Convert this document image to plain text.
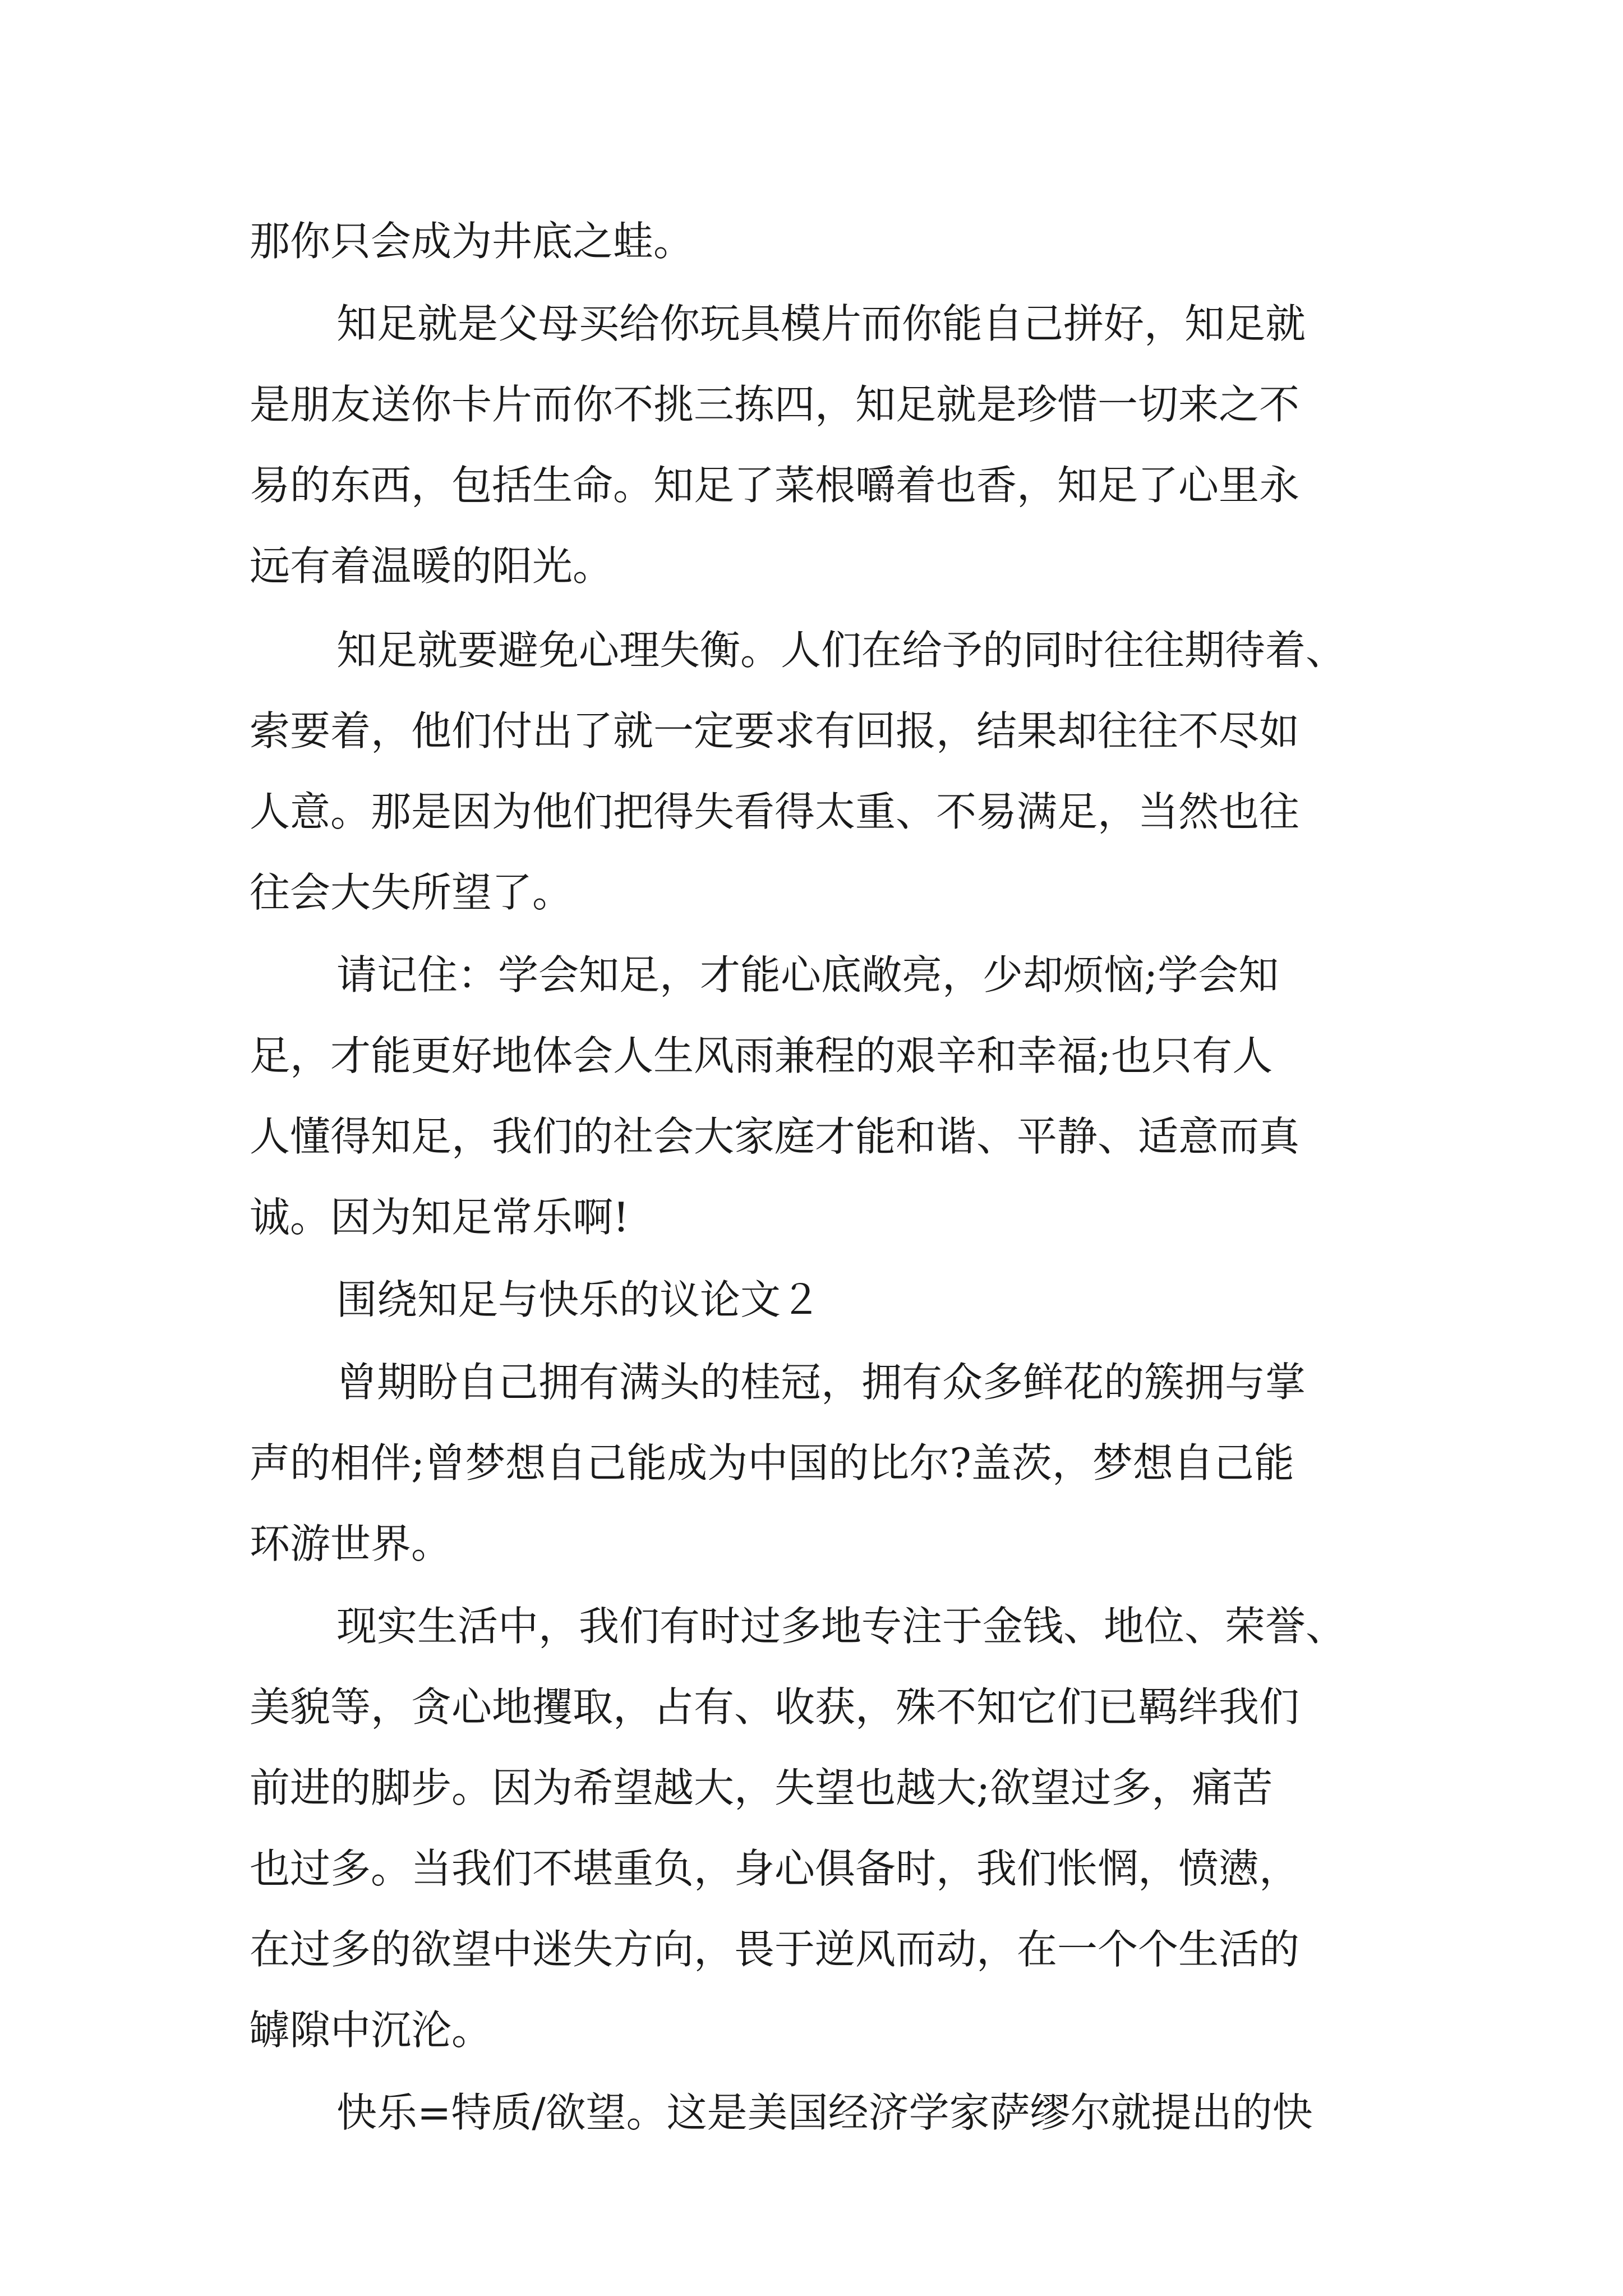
那你只会成为井底之蛙。
知足就是父母买给你玩具模片而你能自己拼好，知足就
是朋友送你卡片而你不挑三拣四，知足就是珍惜一切来之不
易的东西，包括生命。知足了菜根嚼着也香，知足了心里永
远有着温暖的阳光。
知足就要避免心理失衡。人们在给予的同时往往期待着、
索要着，他们付出了就一定要求有回报，结果却往往不尽如
人意。那是因为他们把得失看得太重、不易满足，当然也往
往会大失所望了。
请记住：学会知足，才能心底敞亮，少却烦恼;学会知
足，才能更好地体会人生风雨兼程的艰辛和幸福;也只有人
人懂得知足，我们的社会大家庭才能和谐、平静、适意而真
诚。因为知足常乐啊!
围绕知足与快乐的议论文２
曾期盼自己拥有满头的桂冠，拥有众多鲜花的簇拥与掌
声的相伴;曾梦想自己能成为中国的比尔?盖茨，梦想自己能
环游世界。
现实生活中，我们有时过多地专注于金钱、地位、荣誉、
美貌等，贪心地攫取，占有、收获，殊不知它们已羁绊我们
前进的脚步。因为希望越大，失望也越大;欲望过多，痛苦
也过多。当我们不堪重负，身心俱备时，我们怅惘，愤懑，
在过多的欲望中迷失方向，畏于逆风而动，在一个个生活的
罅隙中沉沦。
快乐=特质/欲望。这是美国经济学家萨缪尔就提出的快
